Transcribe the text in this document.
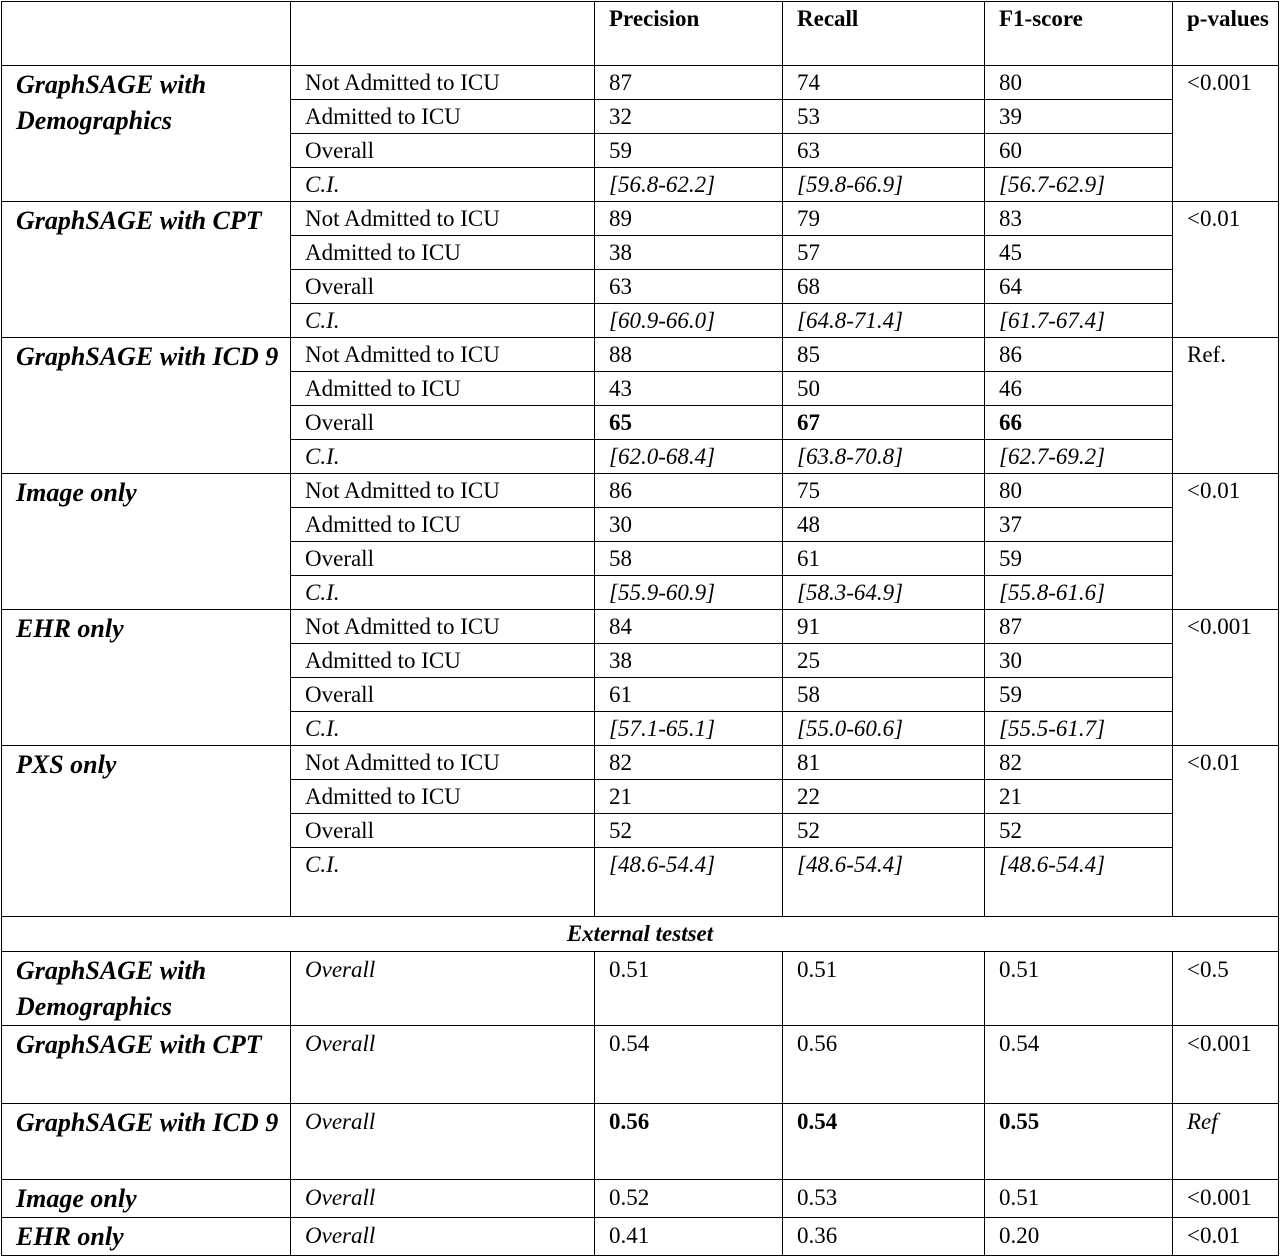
		Precision	Recall	F1-score	p-values
GraphSAGE with Demographics	Not Admitted to ICU	87	74	80	<0.001
	Admitted to ICU	32	53	39	
	Overall	59	63	60	
	C.I.	[56.8-62.2]	[59.8-66.9]	[56.7-62.9]	
GraphSAGE with CPT	Not Admitted to ICU	89	79	83	<0.01
	Admitted to ICU	38	57	45	
	Overall	63	68	64	
	C.I.	[60.9-66.0]	[64.8-71.4]	[61.7-67.4]	
GraphSAGE with ICD 9	Not Admitted to ICU	88	85	86	Ref.
	Admitted to ICU	43	50	46	
	Overall	65	67	66	
	C.I.	[62.0-68.4]	[63.8-70.8]	[62.7-69.2]	
Image only	Not Admitted to ICU	86	75	80	<0.01
	Admitted to ICU	30	48	37	
	Overall	58	61	59	
	C.I.	[55.9-60.9]	[58.3-64.9]	[55.8-61.6]	
EHR only	Not Admitted to ICU	84	91	87	<0.001
	Admitted to ICU	38	25	30	
	Overall	61	58	59	
	C.I.	[57.1-65.1]	[55.0-60.6]	[55.5-61.7]	
PXS only	Not Admitted to ICU	82	81	82	<0.01
	Admitted to ICU	21	22	21	
	Overall	52	52	52	
	C.I.	[48.6-54.4]	[48.6-54.4]	[48.6-54.4]	
External testset					
GraphSAGE with Demographics	Overall	0.51	0.51	0.51	<0.5
GraphSAGE with CPT	Overall	0.54	0.56	0.54	<0.001
GraphSAGE with ICD 9	Overall	0.56	0.54	0.55	Ref
Image only	Overall	0.52	0.53	0.51	<0.001
EHR only	Overall	0.41	0.36	0.20	<0.01
